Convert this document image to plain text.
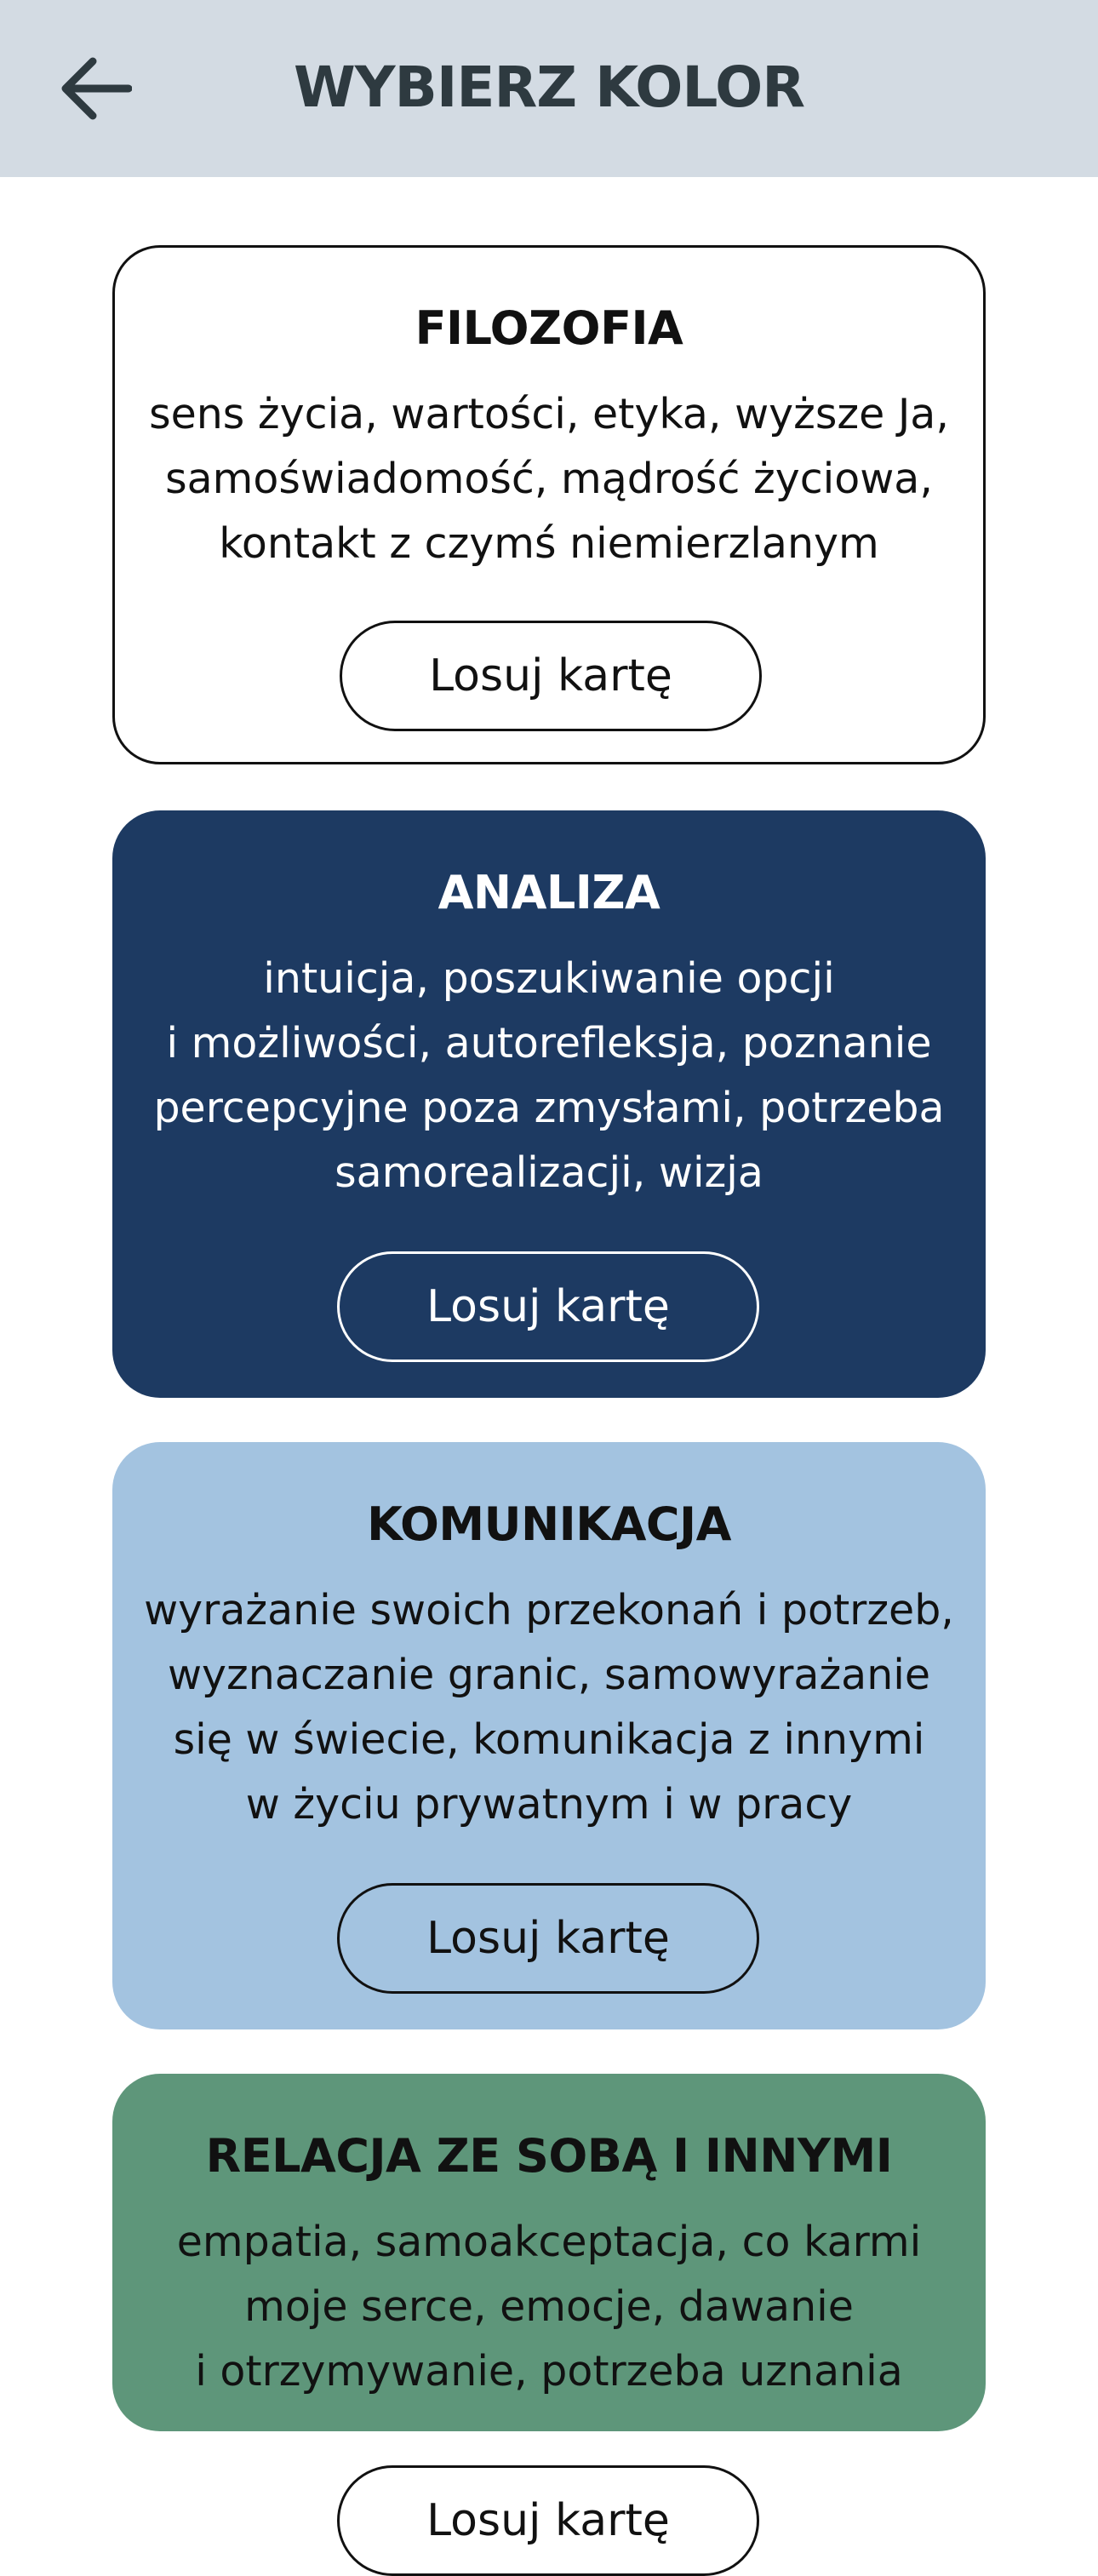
WYBIERZ KOLOR
FILOZOFIA
sens życia, wartości, etyka, wyższe Ja,
samoświadomość, mądrość życiowa,
kontakt z czymś niemierzlanym
Losuj kartę
ANALIZA
intuicja, poszukiwanie opcji
i możliwości, autorefleksja, poznanie
percepcyjne poza zmysłami, potrzeba
samorealizacji, wizja
Losuj kartę
KOMUNIKACJA
wyrażanie swoich przekonań i potrzeb,
wyznaczanie granic, samowyrażanie
się w świecie, komunikacja z innymi
w życiu prywatnym i w pracy
Losuj kartę
RELACJA ZE SOBĄ I INNYMI
empatia, samoakceptacja, co karmi
moje serce, emocje, dawanie
i otrzymywanie, potrzeba uznania
Losuj kartę
